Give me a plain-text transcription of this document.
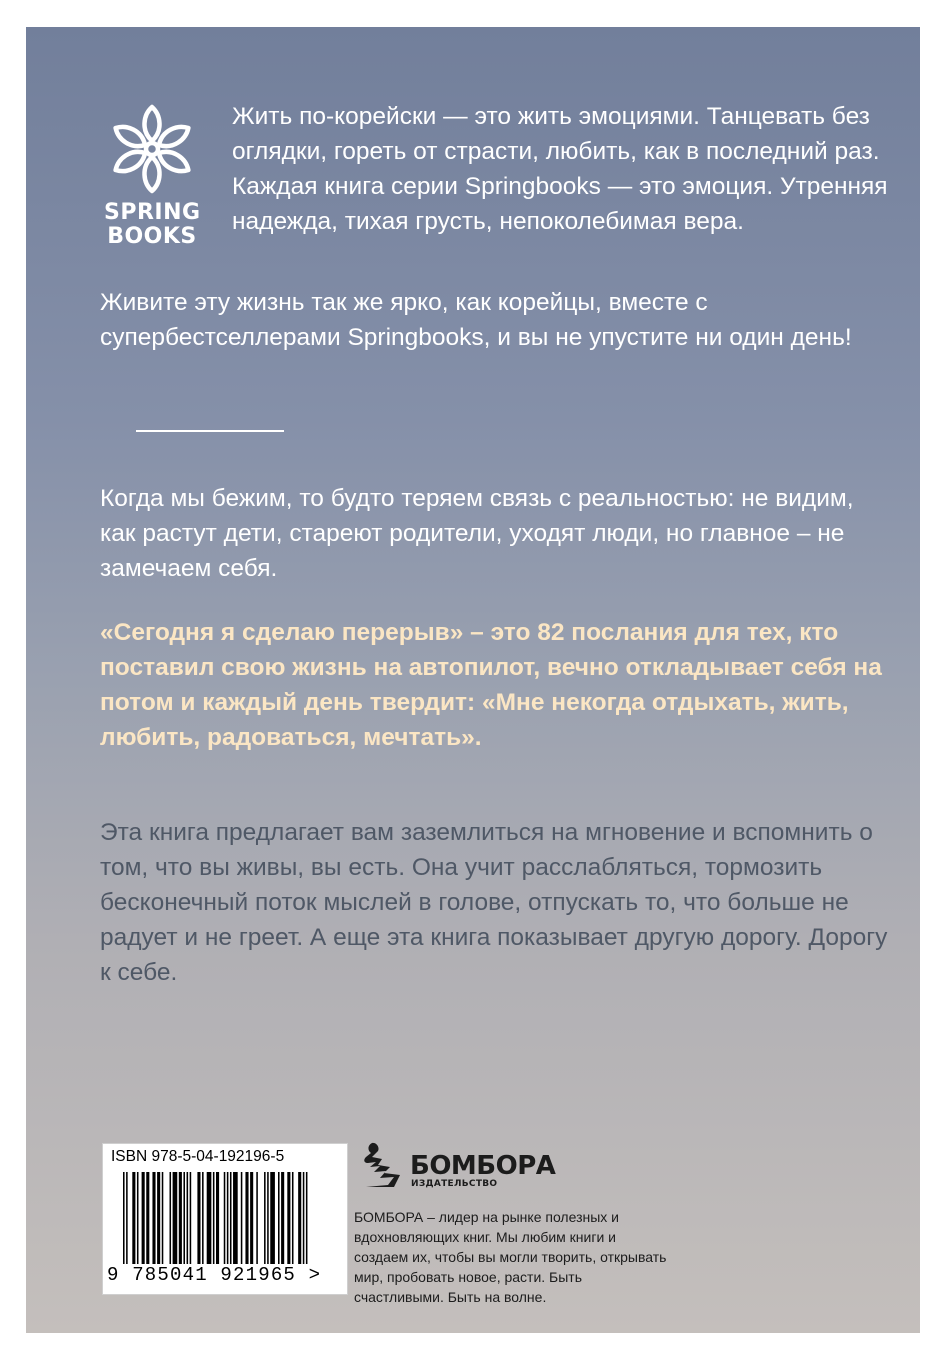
SPRING
BOOKS

Жить по-корейски — это жить эмоциями. Танцевать без оглядки, гореть от страсти, любить, как в последний раз. Каждая книга серии Springbooks — это эмоция. Утренняя надежда, тихая грусть, непоколебимая вера.

Живите эту жизнь так же ярко, как корейцы, вместе с супербестселлерами Springbooks, и вы не упустите ни один день!

Когда мы бежим, то будто теряем связь с реальностью: не видим, как растут дети, стареют родители, уходят люди, но главное – не замечаем себя.

«Сегодня я сделаю перерыв» – это 82 послания для тех, кто поставил свою жизнь на автопилот, вечно откладывает себя на потом и каждый день твердит: «Мне некогда отдыхать, жить, любить, радоваться, мечтать».

Эта книга предлагает вам заземлиться на мгновение и вспомнить о том, что вы живы, вы есть. Она учит расслабляться, тормозить бесконечный поток мыслей в голове, отпускать то, что больше не радует и не греет. А еще эта книга показывает другую дорогу. Дорогу к себе.

ISBN 978-5-04-192196-5
9 785041 921965 >
БОМБОРА
ИЗДАТЕЛЬСТВО

БОМБОРА – лидер на рынке полезных и вдохновляющих книг. Мы любим книги и создаем их, чтобы вы могли творить, открывать мир, пробовать новое, расти. Быть счастливыми. Быть на волне.
